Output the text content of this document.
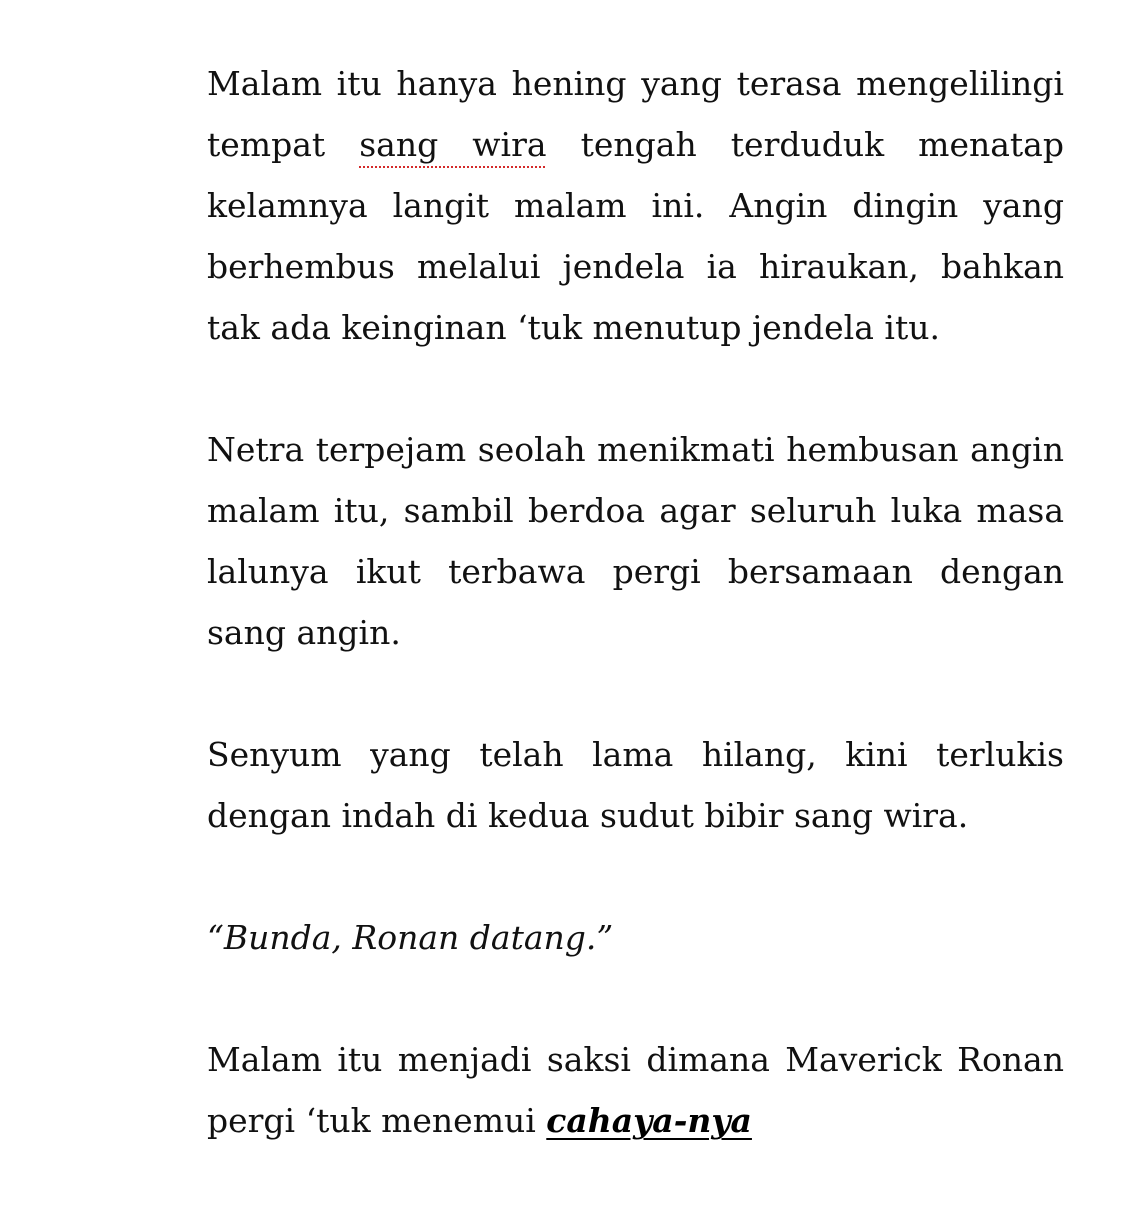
Malam itu hanya hening yang terasa mengelilingi tempat sang wira tengah terduduk menatap kelamnya langit malam ini. Angin dingin yang berhembus melalui jendela ia hiraukan, bahkan tak ada keinginan ‘tuk menutup jendela itu.

Netra terpejam seolah menikmati hembusan angin malam itu, sambil berdoa agar seluruh luka masa lalunya ikut terbawa pergi bersamaan dengan sang angin.

Senyum yang telah lama hilang, kini terlukis dengan indah di kedua sudut bibir sang wira.

“Bunda, Ronan datang.”

Malam itu menjadi saksi dimana Maverick Ronan pergi ‘tuk menemui cahaya-nya
